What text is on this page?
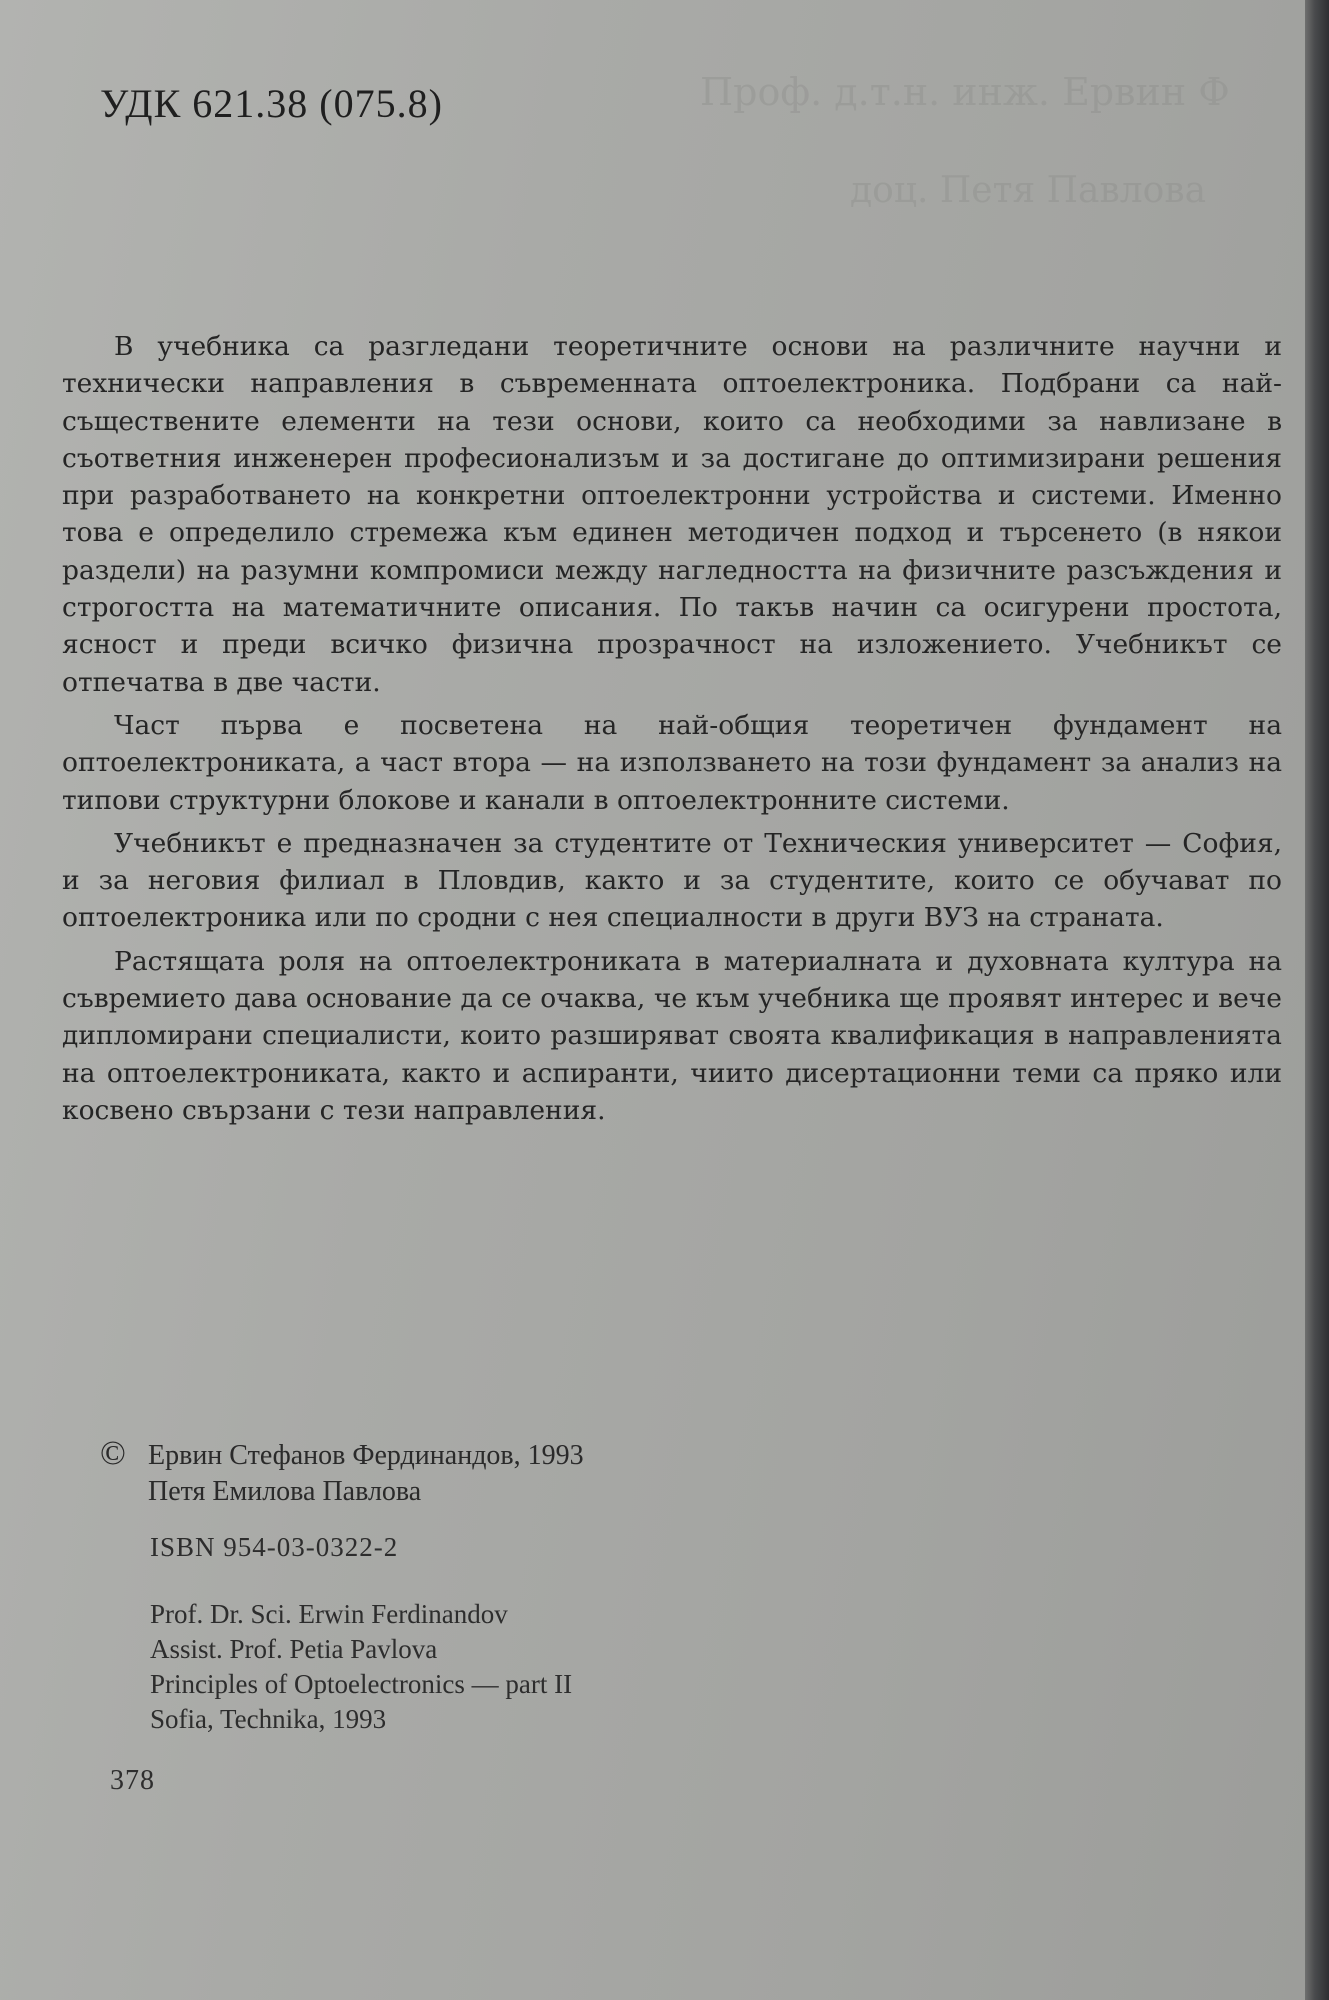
Проф. д.т.н. инж. Ервин Ф
доц. Петя Павлова
УДК 621.38 (075.8)

В учебника са разгледани теоретичните основи на различните научни и технически направления в съвременната оптоелектроника. Подбрани са най-съществените елементи на тези основи, които са необходими за навлизане в съответния инженерен професионализъм и за достигане до оптимизирани решения при разработването на конкретни оптоелектронни устройства и системи. Именно това е определило стремежа към единен методичен подход и търсенето (в някои раздели) на разумни компромиси между нагледността на физичните разсъждения и строгостта на математичните описания. По такъв начин са осигурени простота, ясност и преди всичко физична прозрачност на изложението. Учебникът се отпечатва в две части.

Част първа е посветена на най-общия теоретичен фундамент на оптоелектрониката, а част втора — на използването на този фундамент за анализ на типови структурни блокове и канали в оптоелектронните системи.

Учебникът е предназначен за студентите от Техническия университет — София, и за неговия филиал в Пловдив, както и за студентите, които се обучават по оптоелектроника или по сродни с нея специалности в други ВУЗ на страната.

Растящата роля на оптоелектрониката в материалната и духовната култура на съвремието дава основание да се очаква, че към учебника ще проявят интерес и вече дипломирани специалисти, които разширяват своята квалификация в направленията на оптоелектрониката, както и аспиранти, чиито дисертационни теми са пряко или косвено свързани с тези направления.

© Ервин Стефанов Фердинандов, 1993
Петя Емилова Павлова
ISBN 954-03-0322-2
Prof. Dr. Sci. Erwin Ferdinandov
Assist. Prof. Petia Pavlova
Principles of Optoelectronics — part II
Sofia, Technika, 1993
378
